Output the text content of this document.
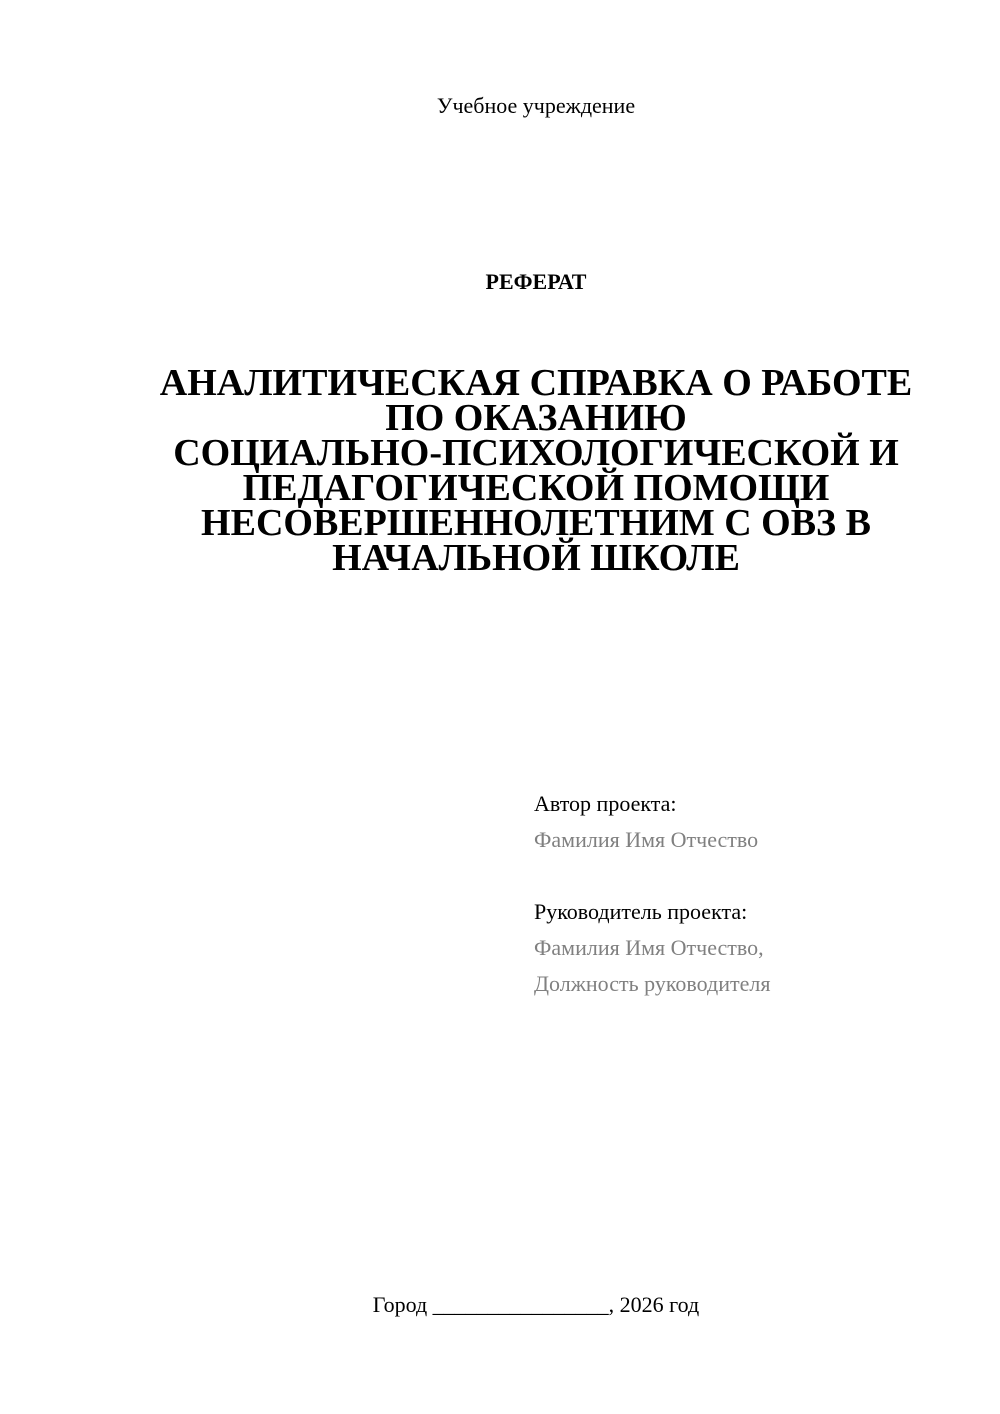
Учебное учреждение
РЕФЕРАТ
АНАЛИТИЧЕСКАЯ СПРАВКА О РАБОТЕ
ПО ОКАЗАНИЮ
СОЦИАЛЬНО-ПСИХОЛОГИЧЕСКОЙ И
ПЕДАГОГИЧЕСКОЙ ПОМОЩИ
НЕСОВЕРШЕННОЛЕТНИМ С ОВЗ В
НАЧАЛЬНОЙ ШКОЛЕ
Автор проекта:
Фамилия Имя Отчество
Руководитель проекта:
Фамилия Имя Отчество,
Должность руководителя
Город ________________, 2026 год
